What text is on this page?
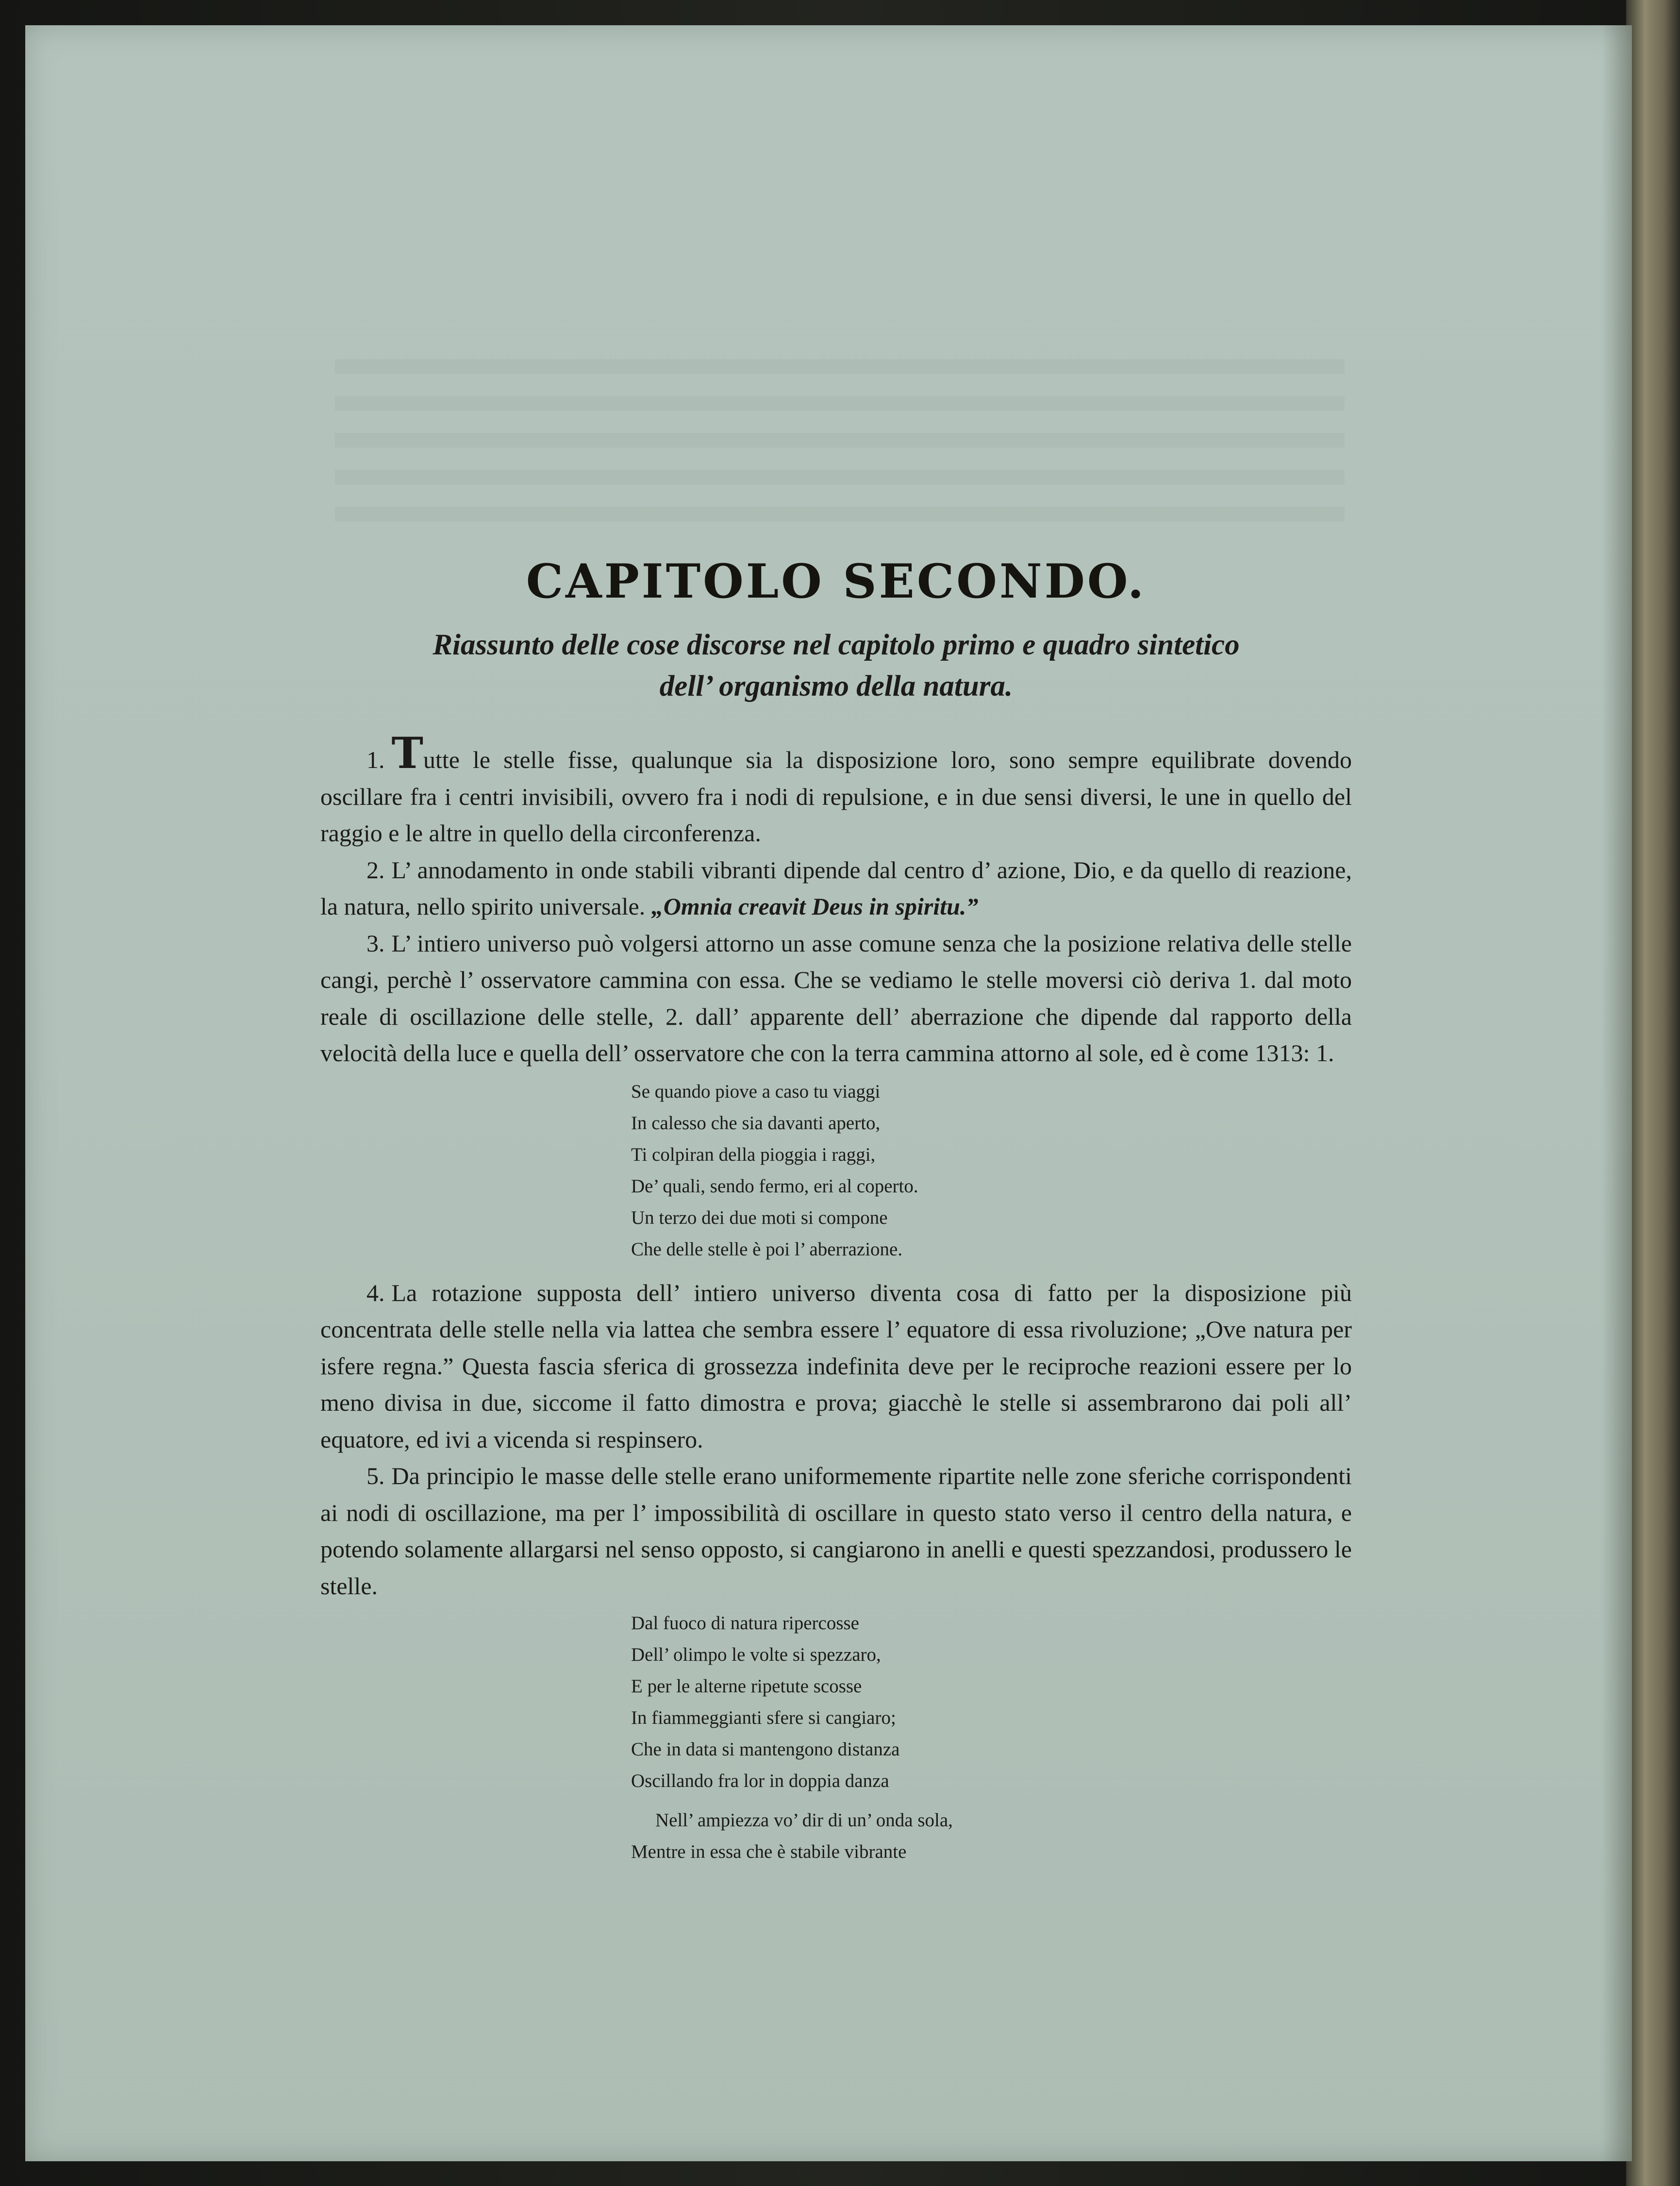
CAPITOLO SECONDO.
Riassunto delle cose discorse nel capitolo primo e quadro sintetico
dell’ organismo della natura.

1. Tutte le stelle fisse, qualunque sia la disposizione loro, sono sempre equilibrate dovendo oscillare fra i centri invisibili, ovvero fra i nodi di repulsione, e in due sensi diversi, le une in quello del raggio e le altre in quello della circonferenza.

2. L’ annodamento in onde stabili vibranti dipende dal centro d’ azione, Dio, e da quello di reazione, la natura, nello spirito universale. „Omnia creavit Deus in spiritu.”

3. L’ intiero universo può volgersi attorno un asse comune senza che la posizione relativa delle stelle cangi, perchè l’ osservatore cammina con essa. Che se vediamo le stelle moversi ciò deriva 1. dal moto reale di oscillazione delle stelle, 2. dall’ apparente dell’ aberrazione che dipende dal rapporto della velocità della luce e quella dell’ osservatore che con la terra cammina attorno al sole, ed è come 1313: 1.

Se quando piove a caso tu viaggi
In calesso che sia davanti aperto,
Ti colpiran della pioggia i raggi,
De’ quali, sendo fermo, eri al coperto.
Un terzo dei due moti si compone
Che delle stelle è poi l’ aberrazione.

4. La rotazione supposta dell’ intiero universo diventa cosa di fatto per la disposizione più concentrata delle stelle nella via lattea che sembra essere l’ equatore di essa rivoluzione; „Ove natura per isfere regna.” Questa fascia sferica di grossezza indefinita deve per le reciproche reazioni essere per lo meno divisa in due, siccome il fatto dimostra e prova; giacchè le stelle si assembrarono dai poli all’ equatore, ed ivi a vicenda si respinsero.

5. Da principio le masse delle stelle erano uniformemente ripartite nelle zone sferiche corrispondenti ai nodi di oscillazione, ma per l’ impossibilità di oscillare in questo stato verso il centro della natura, e potendo solamente allargarsi nel senso opposto, si cangiarono in anelli e questi spezzandosi, produssero le stelle.

Dal fuoco di natura ripercosse
Dell’ olimpo le volte si spezzaro,
E per le alterne ripetute scosse
In fiammeggianti sfere si cangiaro;
Che in data si mantengono distanza
Oscillando fra lor in doppia danza
Nell’ ampiezza vo’ dir di un’ onda sola,
Mentre in essa che è stabile vibrante
